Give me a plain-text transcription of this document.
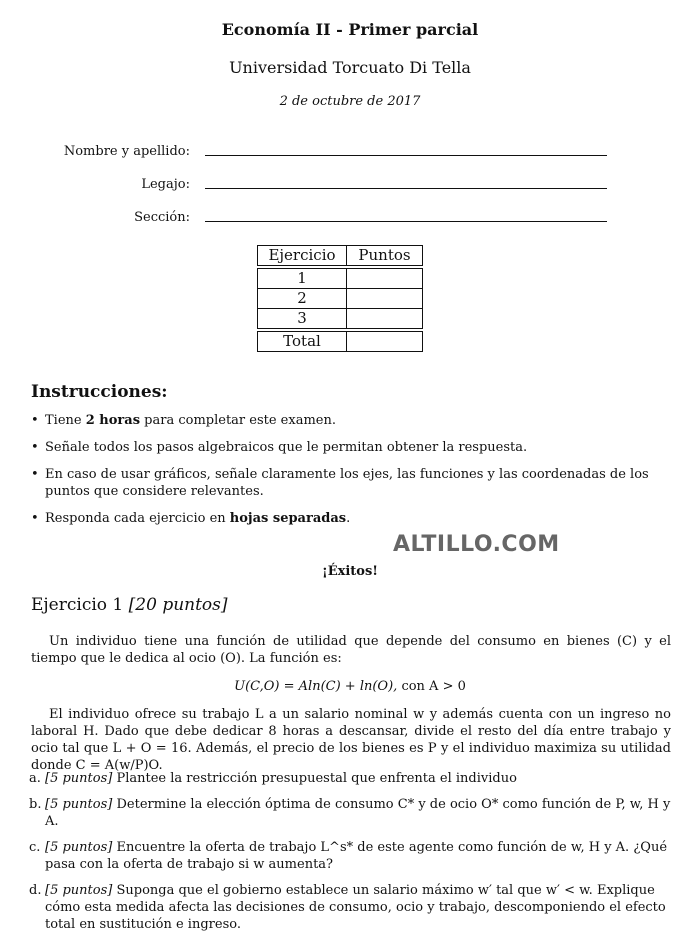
Economía II - Primer parcial
Universidad Torcuato Di Tella
2 de octubre de 2017
Nombre y apellido:
Legajo:
Sección:
Ejercicio	Puntos

1	
2	
3	

Total	
Instrucciones:
• Tiene 2 horas para completar este examen.
• Señale todos los pasos algebraicos que le permitan obtener la respuesta.
• En caso de usar gráficos, señale claramente los ejes, las funciones y las coordenadas de los puntos que considere relevantes.
• Responda cada ejercicio en hojas separadas.
ALTILLO.COM
¡Éxitos!
Ejercicio 1 [20 puntos]
Un individuo tiene una función de utilidad que depende del consumo en bienes (C) y el tiempo que le dedica al ocio (O). La función es:
U(C,O) = Aln(C) + ln(O), con A > 0
El individuo ofrece su trabajo L a un salario nominal w y además cuenta con un ingreso no laboral H. Dado que debe dedicar 8 horas a descansar, divide el resto del día entre trabajo y ocio tal que L + O = 16. Además, el precio de los bienes es P y el individuo maximiza su utilidad donde C = A(w/P)O.
a. [5 puntos] Plantee la restricción presupuestal que enfrenta el individuo
b. [5 puntos] Determine la elección óptima de consumo C* y de ocio O* como función de P, w, H y A.
c. [5 puntos] Encuentre la oferta de trabajo L^s* de este agente como función de w, H y A. ¿Qué pasa con la oferta de trabajo si w aumenta?
d. [5 puntos] Suponga que el gobierno establece un salario máximo w′ tal que w′ < w. Explique cómo esta medida afecta las decisiones de consumo, ocio y trabajo, descomponiendo el efecto total en sustitución e ingreso.
